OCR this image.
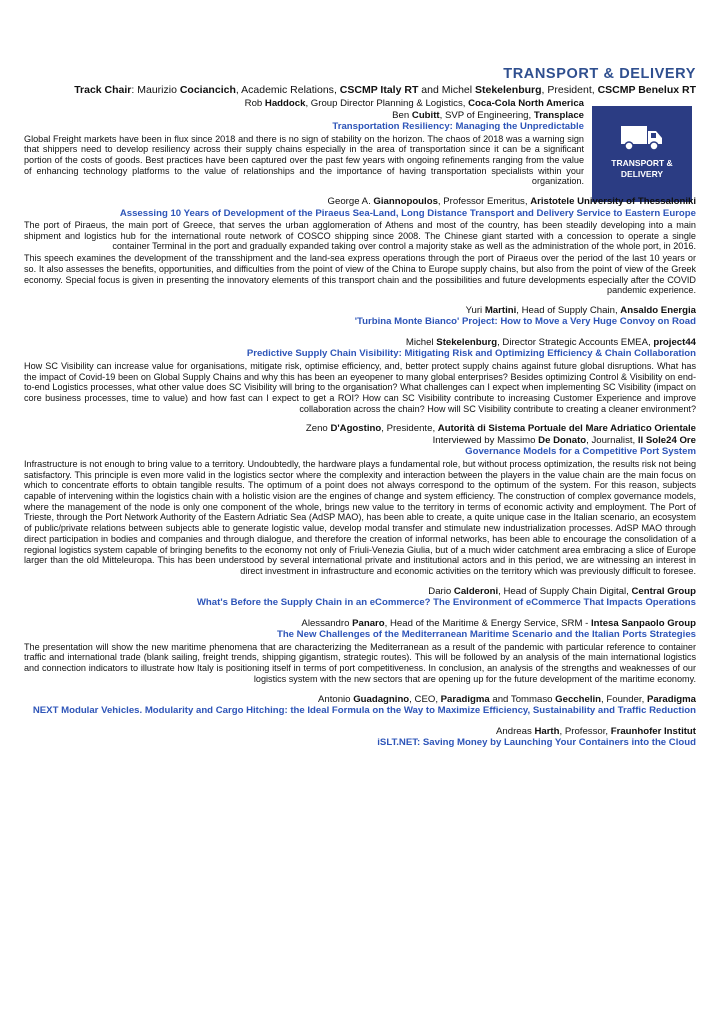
TRANSPORT & DELIVERY
Track Chair: Maurizio Cociancich, Academic Relations, CSCMP Italy RT and Michel Stekelenburg, President, CSCMP Benelux RT
TRANSPORT &
DELIVERY
Rob Haddock, Group Director Planning & Logistics, Coca-Cola North America
Ben Cubitt, SVP of Engineering, Transplace
Transportation Resiliency: Managing the Unpredictable
Global Freight markets have been in flux since 2018 and there is no sign of stability on the horizon. The chaos of 2018 was a warning sign that shippers need to develop resiliency across their supply chains especially in the area of transportation since it can be a significant portion of the costs of goods. Best practices have been captured over the past few years with ongoing refinements ranging from the value of enhancing technology platforms to the value of relationships and the importance of having transportation specialists within your organization.
George A. Giannopoulos, Professor Emeritus, Aristotele University of Thessaloniki
Assessing 10 Years of Development of the Piraeus Sea-Land, Long Distance Transport and Delivery Service to Eastern Europe
The port of Piraeus, the main port of Greece, that serves the urban agglomeration of Athens and most of the country, has been steadily developing into a main shipment and logistics hub for the international route network of COSCO shipping since 2008. The Chinese giant started with a concession to operate a single container Terminal in the port and gradually expanded taking over control a majority stake as well as the administration of the whole port, in 2016.
This speech examines the development of the transshipment and the land-sea express operations through the port of Piraeus over the period of the last 10 years or so. It also assesses the benefits, opportunities, and difficulties from the point of view of the China to Europe supply chains, but also from the point of view of the Greek economy. Special focus is given in presenting the innovatory elements of this transport chain and the possibilities and future developments especially after the COVID pandemic experience.
Yuri Martini, Head of Supply Chain, Ansaldo Energia
'Turbina Monte Bianco' Project: How to Move a Very Huge Convoy on Road
Michel Stekelenburg, Director Strategic Accounts EMEA, project44
Predictive Supply Chain Visibility: Mitigating Risk and Optimizing Efficiency & Chain Collaboration
How SC Visibility can increase value for organisations, mitigate risk, optimise efficiency, and, better protect supply chains against future global disruptions. What has the impact of Covid-19 been on Global Supply Chains and why this has been an eyeopener to many global enterprises? Besides optimizing Control & Visibility on end-to-end Logistics processes, what other value does SC Visibility will bring to the organisation? What challenges can I expect when implementing SC Visibility (impact on core business processes, time to value) and how fast can I expect to get a ROI? How can SC Visibility contribute to increasing Customer Experience and improve collaboration across the chain? How will SC Visibility contribute to creating a cleaner environment?
Zeno D'Agostino, Presidente, Autorità di Sistema Portuale del Mare Adriatico Orientale
Interviewed by Massimo De Donato, Journalist, Il Sole24 Ore
Governance Models for a Competitive Port System
Infrastructure is not enough to bring value to a territory. Undoubtedly, the hardware plays a fundamental role, but without process optimization, the results risk not being satisfactory. This principle is even more valid in the logistics sector where the complexity and interaction between the players in the value chain are the main focus on which to concentrate efforts to obtain tangible results. The optimum of a point does not always correspond to the optimum of the system. For this reason, subjects capable of intervening within the logistics chain with a holistic vision are the engines of change and system efficiency. The construction of complex governance models, where the management of the node is only one component of the whole, brings new value to the territory in terms of economic activity and employment. The Port of Trieste, through the Port Network Authority of the Eastern Adriatic Sea (AdSP MAO), has been able to create, a quite unique case in the Italian scenario, an ecosystem of public/private relations between subjects able to generate logistic value, develop modal transfer and stimulate new industrialization processes. AdSP MAO through direct participation in bodies and companies and through dialogue, and therefore the creation of informal networks, has been able to encourage the consolidation of a regional logistics system capable of bringing benefits to the economy not only of Friuli-Venezia Giulia, but of a much wider catchment area embracing a slice of Europe larger than the old Mitteleuropa. This has been understood by several international private and institutional actors and in this period, we are witnessing an interest in direct investment in infrastructure and economic activities on the territory which was previously difficult to foresee.
Dario Calderoni, Head of Supply Chain Digital, Central Group
What's Before the Supply Chain in an eCommerce? The Environment of eCommerce That Impacts Operations
Alessandro Panaro, Head of the Maritime & Energy Service, SRM - Intesa Sanpaolo Group
The New Challenges of the Mediterranean Maritime Scenario and the Italian Ports Strategies
The presentation will show the new maritime phenomena that are characterizing the Mediterranean as a result of the pandemic with particular reference to container traffic and international trade (blank sailing, freight trends, shipping gigantism, strategic routes). This will be followed by an analysis of the main international logistics and connection indicators to illustrate how Italy is positioning itself in terms of port competitiveness. In conclusion, an analysis of the strengths and weaknesses of our logistics system with the new sectors that are opening up for the future development of the maritime economy.
Antonio Guadagnino, CEO, Paradigma and Tommaso Gecchelin, Founder, Paradigma
NEXT Modular Vehicles. Modularity and Cargo Hitching: the Ideal Formula on the Way to Maximize Efficiency, Sustainability and Traffic Reduction
Andreas Harth, Professor, Fraunhofer Institut
iSLT.NET: Saving Money by Launching Your Containers into the Cloud
